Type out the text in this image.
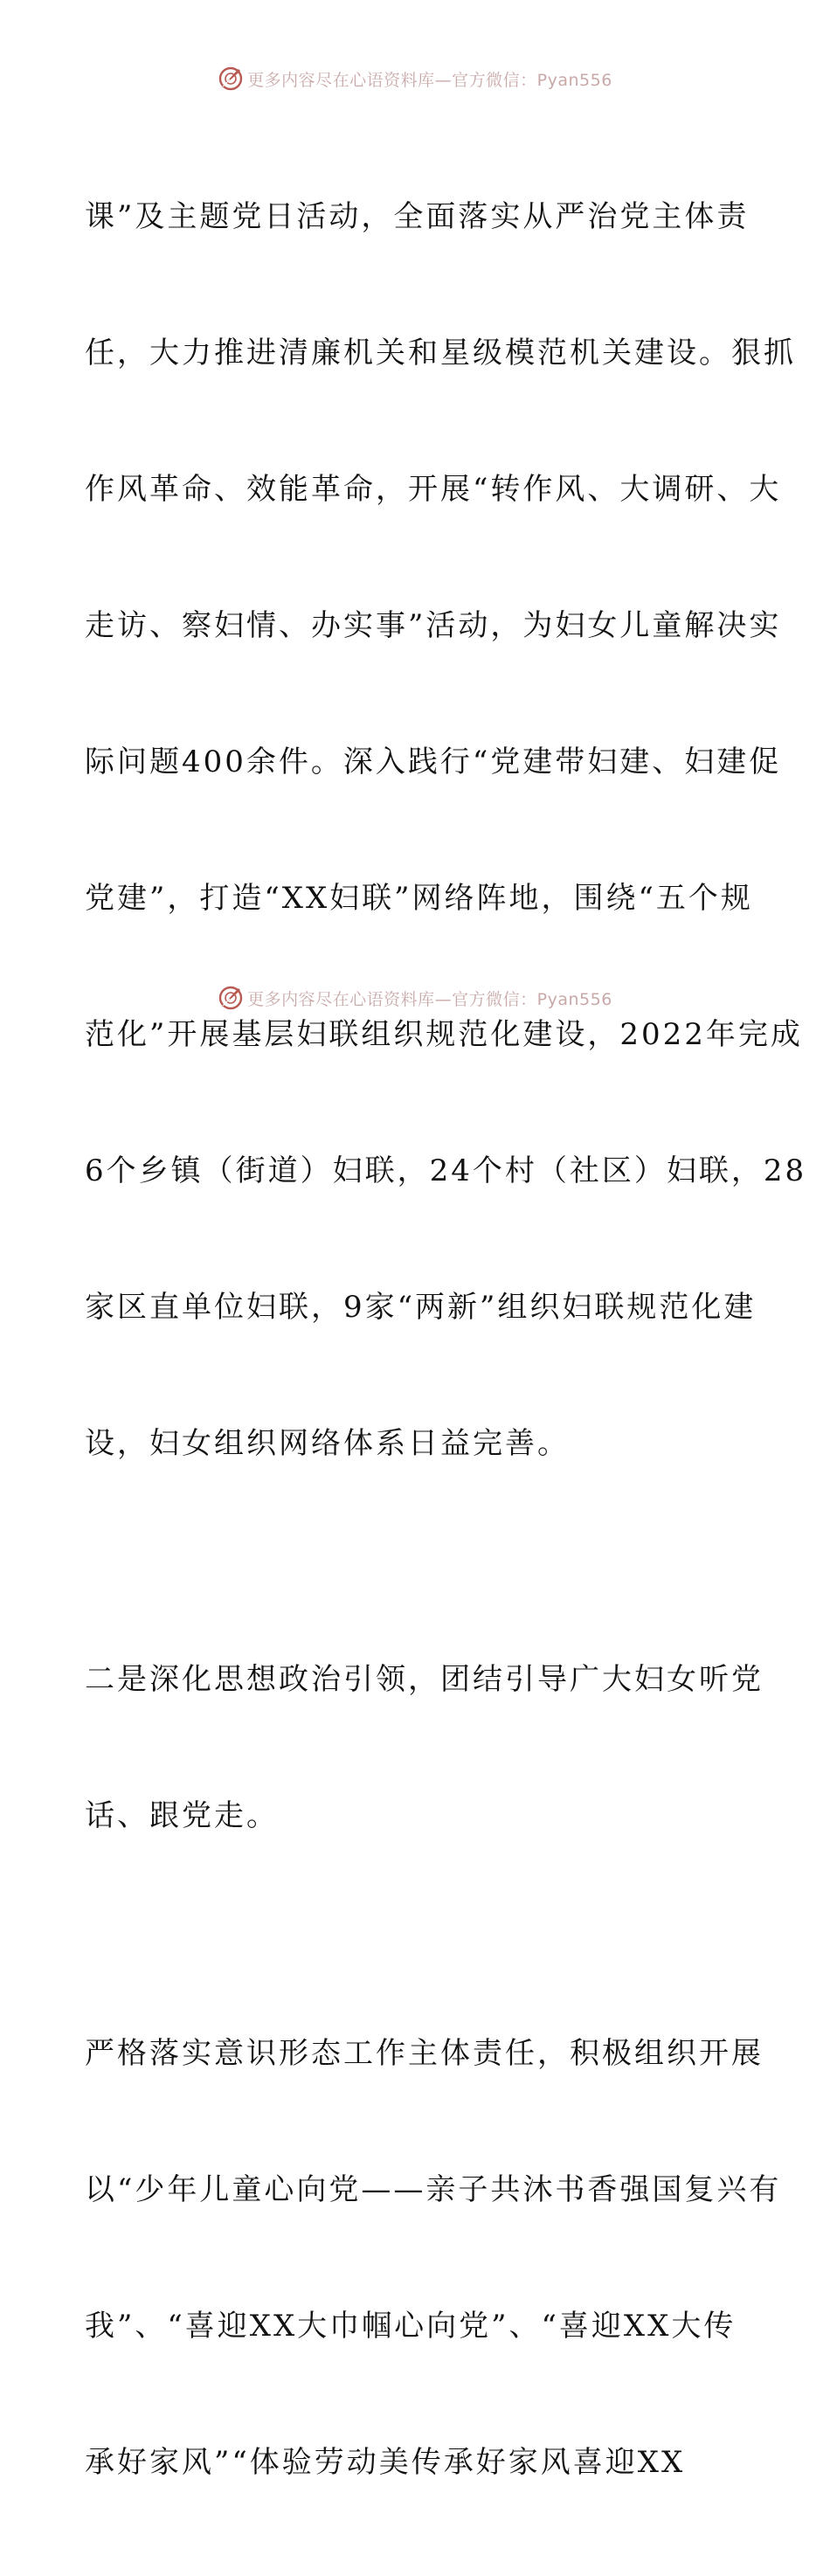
更多内容尽在心语资料库—官方微信：Pyan556

课”及主题党日活动，全面落实从严治党主体责

任，大力推进清廉机关和星级模范机关建设。狠抓

作风革命、效能革命，开展“转作风、大调研、大

走访、察妇情、办实事”活动，为妇女儿童解决实

际问题400余件。深入践行“党建带妇建、妇建促

党建”，打造“XX妇联”网络阵地，围绕“五个规

范化”开展基层妇联组织规范化建设，2022年完成

6个乡镇（街道）妇联，24个村（社区）妇联，28

家区直单位妇联，9家“两新”组织妇联规范化建

设，妇女组织网络体系日益完善。

二是深化思想政治引领，团结引导广大妇女听党

话、跟党走。

严格落实意识形态工作主体责任，积极组织开展

以“少年儿童心向党——亲子共沐书香强国复兴有

我”、“喜迎XX大巾帼心向党”、“喜迎XX大传

承好家风”“体验劳动美传承好家风喜迎XX

更多内容尽在心语资料库—官方微信：Pyan556
